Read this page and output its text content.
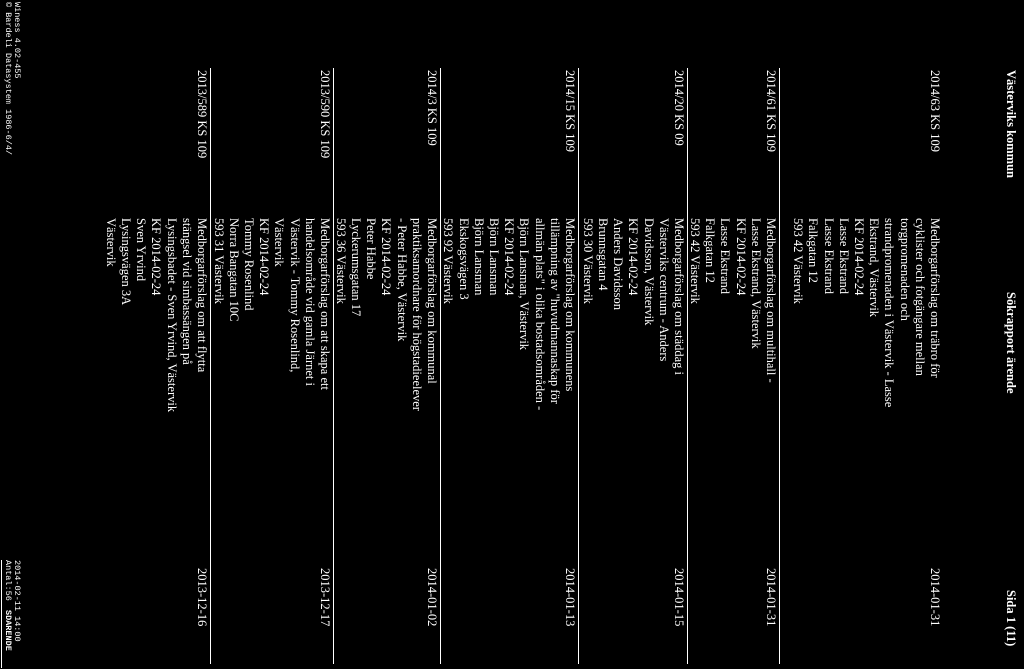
Västerviks kommun
Sökrapport ärende
Sida 1 (11)
2014/63 KS 109
Medborgarförslag om träbro för
cyklister och fotgängare mellan
torgpromenaden och
strandpromenaden i Västervik - Lasse
Ekstrand, Västervik
KF 2014-02-24
Lasse Ekstrand
Lasse Ekstrand
Falkgatan 12
593 42 Västervik
2014-01-31
2014/61 KS 109
Medborgarförslag om multihall -
Lasse Ekstrand, Västervik
KF 2014-02-24
Lasse Ekstrand
Falkgatan 12
593 42 Västervik
2014-01-31
2014/20 KS 09
Medborgarförslag om städdag i
Västerviks centrum - Anders
Davidsson, Västervik
KF 2014-02-24
Anders Davidsson
Brunnsgatan 4
593 30 Västervik
2014-01-15
2014/15 KS 109
Medborgarförslag om kommunens
tillämpning av "huvudmannaskap för
allmän plats" i olika bostadsområden -
Björn Lansman, Västervik
KF 2014-02-24
Björn Lansman
Björn Lansman
Ekskogsvägen 3
593 92 Västervik
2014-01-13
2014/3 KS 109
Medborgarförslag om kommunal
praktiksamordnare för högstadieelever
- Peter Habbe, Västervik
KF 2014-02-24
Peter Habbe
Lyckerumsgatan 17
593 36 Västervik
2014-01-02
2013/590 KS 109
Medborgarförslag om att skapa ett
handelsområde vid gamla Järnet i
Västervik - Tommy Rosenlind,
Västervik
KF 2014-02-24
Tommy Rosenlind
Norra Bangatan 10C
593 31 Västervik
2013-12-17
2013/589 KS 109
Medborgarförslag om att flytta
stängsel vid simbassängen på
Lysingsbadet - Sven Yrvind, Västervik
KF 2014-02-24
Sven Yrvind
Lysingsvägen 3A
Västervik
2013-12-16
Winess 4.02-455
© Bardeli Datasystem 1986-6/4/
2014-02-11 14:00
Antal:56
SDARENDE
